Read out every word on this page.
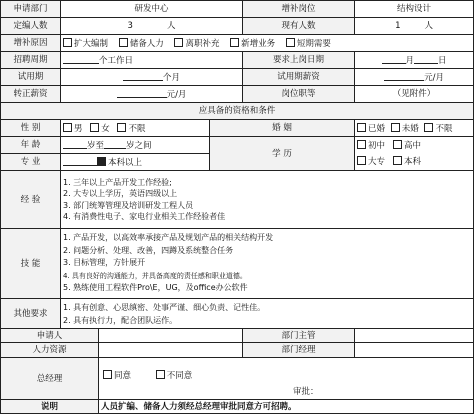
申请部门	研发中心			增补岗位	结构设计
定编人数	3 人			现有人数	1 人
增补原因	扩大编制 储备人力 离职补充 新增业务 短期需要				
招聘周期	个工作日			要求上岗日期	月 日
试用期	个月			试用期薪资	元/月
转正薪资	元/月			岗位职等	（见附件）
应具备的资格和条件					
性 别	男 女 不限		婚 姻		已婚 未婚 不限
年 龄	岁至 岁之间		学 历		初中 高中
大专 本科
专 业	本科以上				
经 验	1. 三年以上产品开发工作经验;
2. 大专以上学历，英语四级以上
3. 部门统筹管理及培训研发工程人员
4. 有消费性电子、家电行业相关工作经验者佳				

技 能	1. 产品开发，以高效率承接产品及规划产品的相关结构开发
2. 问题分析、处理、改善，四蹲及系统整合任务
3. 目标管理，方针展开
4. 具有良好的沟通能力，并具备高度的责任感和职业道德。
5. 熟练使用工程软件Pro\E，UG，及office办公软件				

其他要求	1. 具有创意、心思缜密、处事严谨、细心负责、记性佳。
2. 具有执行力，配合团队运作。				

申请人				部门主管	
人力资源				部门经理	
总经理		同意 不同意
审批：			

说明		人员扩编、储备人力须经总经理审批同意方可招聘。			
